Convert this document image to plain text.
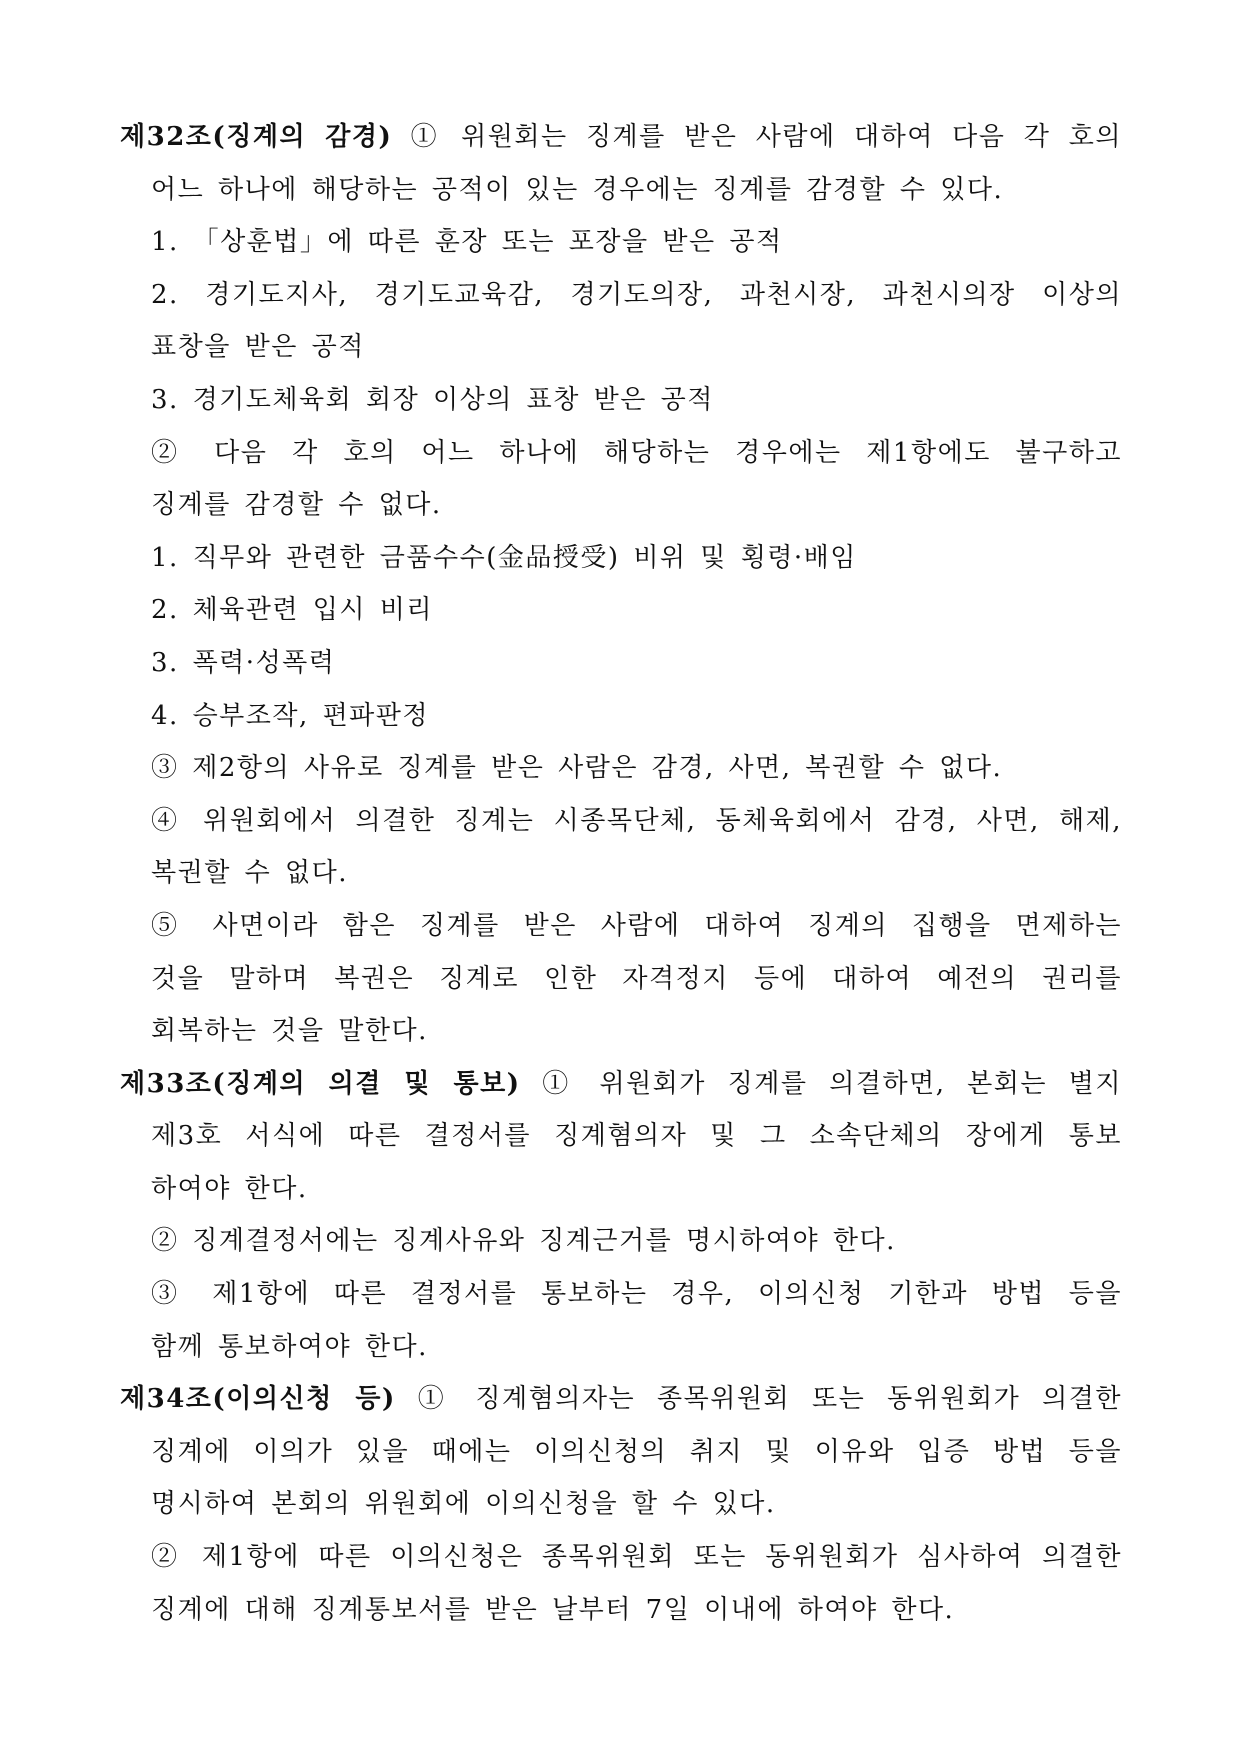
제32조(징계의 감경) ① 위원회는 징계를 받은 사람에 대하여 다음 각 호의
어느 하나에 해당하는 공적이 있는 경우에는 징계를 감경할 수 있다.
1. 「상훈법」에 따른 훈장 또는 포장을 받은 공적
2. 경기도지사, 경기도교육감, 경기도의장, 과천시장, 과천시의장 이상의
표창을 받은 공적
3. 경기도체육회 회장 이상의 표창 받은 공적
② 다음 각 호의 어느 하나에 해당하는 경우에는 제1항에도 불구하고
징계를 감경할 수 없다.
1. 직무와 관련한 금품수수(金品授受) 비위 및 횡령·배임
2. 체육관련 입시 비리
3. 폭력·성폭력
4. 승부조작, 편파판정
③ 제2항의 사유로 징계를 받은 사람은 감경, 사면, 복권할 수 없다.
④ 위원회에서 의결한 징계는 시종목단체, 동체육회에서 감경, 사면, 해제,
복권할 수 없다.
⑤ 사면이라 함은 징계를 받은 사람에 대하여 징계의 집행을 면제하는
것을 말하며 복권은 징계로 인한 자격정지 등에 대하여 예전의 권리를
회복하는 것을 말한다.
제33조(징계의 의결 및 통보) ① 위원회가 징계를 의결하면, 본회는 별지
제3호 서식에 따른 결정서를 징계혐의자 및 그 소속단체의 장에게 통보
하여야 한다.
② 징계결정서에는 징계사유와 징계근거를 명시하여야 한다.
③ 제1항에 따른 결정서를 통보하는 경우, 이의신청 기한과 방법 등을
함께 통보하여야 한다.
제34조(이의신청 등) ① 징계혐의자는 종목위원회 또는 동위원회가 의결한
징계에 이의가 있을 때에는 이의신청의 취지 및 이유와 입증 방법 등을
명시하여 본회의 위원회에 이의신청을 할 수 있다.
② 제1항에 따른 이의신청은 종목위원회 또는 동위원회가 심사하여 의결한
징계에 대해 징계통보서를 받은 날부터 7일 이내에 하여야 한다.
